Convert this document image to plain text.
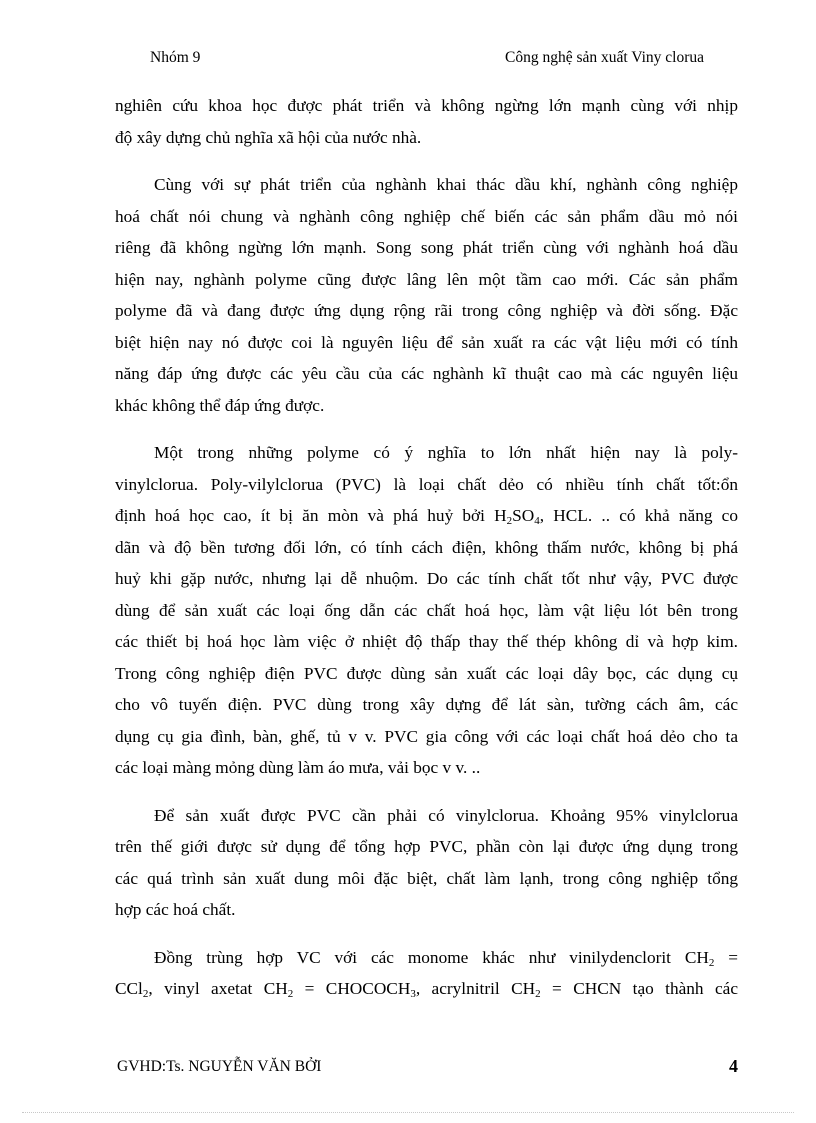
Nhóm 9	Công nghệ sản xuất Viny clorua
nghiên cứu khoa học được phát triển và không ngừng lớn mạnh cùng với nhịp
độ xây dựng chủ nghĩa xã hội của nước nhà.
Cùng với sự phát triển của nghành khai thác dầu khí, nghành công nghiệp
hoá chất nói chung và nghành công nghiệp chế biến các sản phẩm dầu mỏ nói
riêng đã không ngừng lớn mạnh. Song song phát triển cùng với nghành hoá dầu
hiện nay, nghành polyme cũng được lâng lên một tầm cao mới. Các sản phẩm
polyme đã và đang được ứng dụng rộng rãi trong công nghiệp và đời sống. Đặc
biệt hiện nay nó được coi là nguyên liệu để sản xuất ra các vật liệu mới có tính
năng đáp ứng được các yêu cầu của các nghành kĩ thuật cao mà các nguyên liệu
khác không thể đáp ứng được.
Một trong những polyme có ý nghĩa to lớn nhất hiện nay là poly-
vinylclorua. Poly-vilylclorua (PVC) là loại chất dẻo có nhiều tính chất tốt:ổn
định hoá học cao, ít bị ăn mòn và phá huỷ bởi $H_2SO_4$, HCL. .. có khả năng co
dãn và độ bền tương đối lớn, có tính cách điện, không thấm nước, không bị phá
huỷ khi gặp nước, nhưng lại dễ nhuộm. Do các tính chất tốt như vậy, PVC được
dùng để sản xuất các loại ống dẫn các chất hoá học, làm vật liệu lót bên trong
các thiết bị hoá học làm việc ở nhiệt độ thấp thay thế thép không dỉ và hợp kim.
Trong công nghiệp điện PVC được dùng sản xuất các loại dây bọc, các dụng cụ
cho vô tuyến điện. PVC dùng trong xây dựng để lát sàn, tường cách âm, các
dụng cụ gia đình, bàn, ghế, tủ v v. PVC gia công với các loại chất hoá dẻo cho ta
các loại màng mỏng dùng làm áo mưa, vải bọc v v. ..
Để sản xuất được PVC cần phải có vinylclorua. Khoảng 95% vinylclorua
trên thế giới được sử dụng để tổng hợp PVC, phần còn lại được ứng dụng trong
các quá trình sản xuất dung môi đặc biệt, chất làm lạnh, trong công nghiệp tổng
hợp các hoá chất.
Đồng trùng hợp VC với các monome khác như vinilydenclorit $CH_2$ =
CCl$_2$, vinyl axetat $CH_2$ = $CHOCOCH_3$, acrylnitril $CH_2$ = CHCN tạo thành các
GVHD:Ts. NGUYỄN VĂN BỞI	4
